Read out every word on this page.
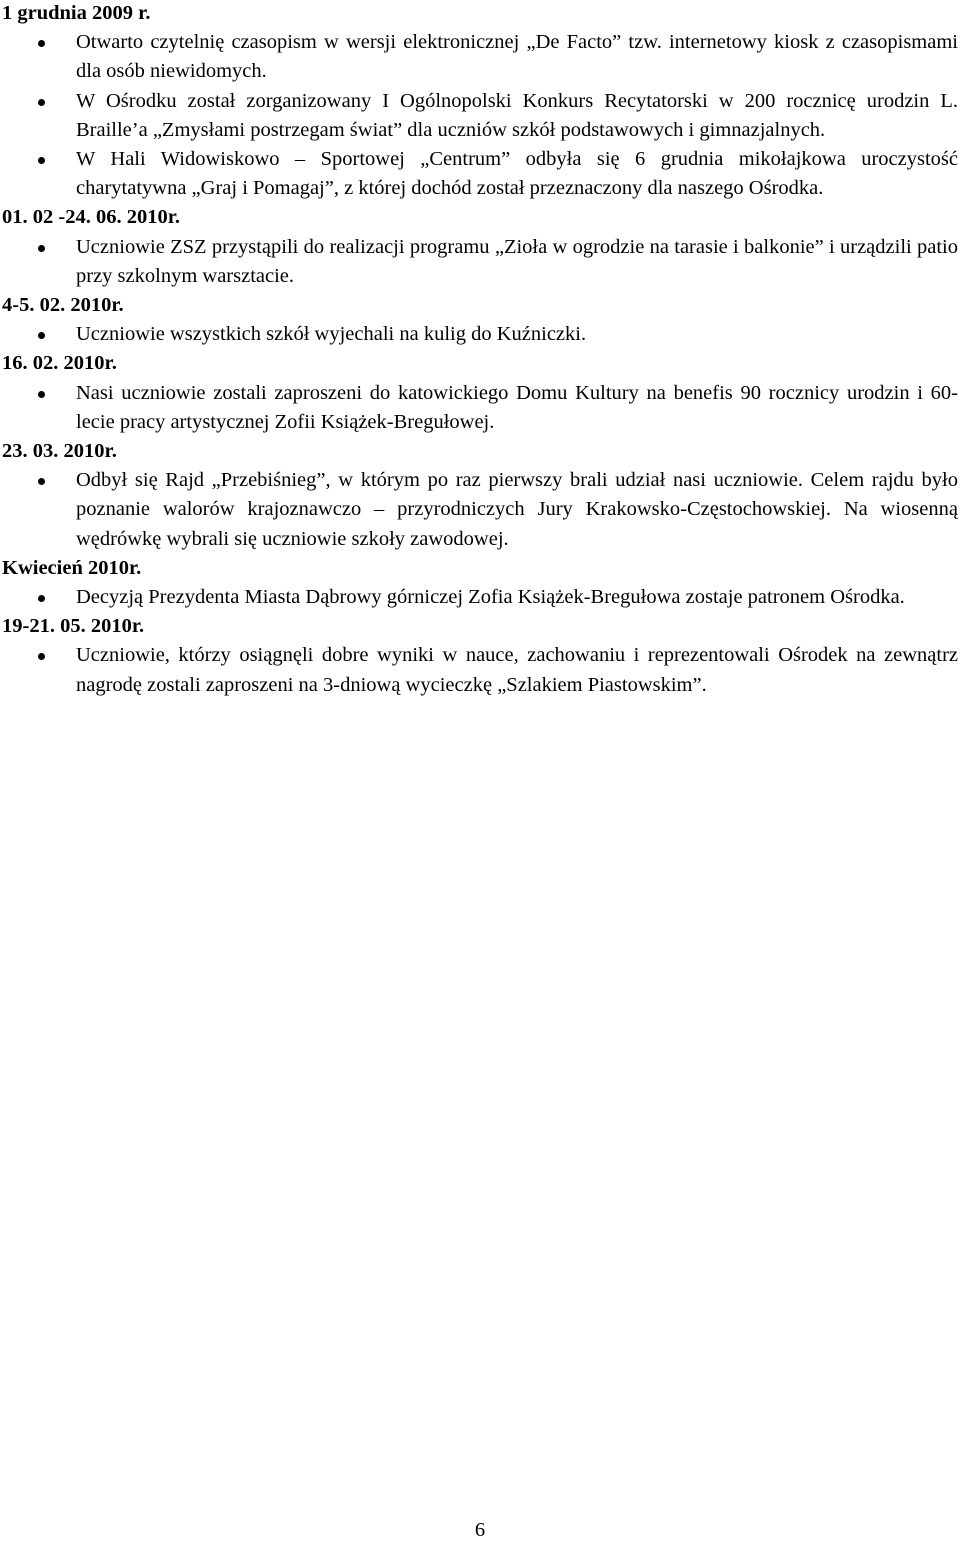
1 grudnia 2009 r.

Otwarto czytelnię czasopism w wersji elektronicznej „De Facto” tzw. internetowy kiosk z czasopismami dla osób niewidomych.
W Ośrodku został zorganizowany I Ogólnopolski Konkurs Recytatorski w 200 rocznicę urodzin L. Braille’a „Zmysłami postrzegam świat” dla uczniów szkół podstawowych i gimnazjalnych.
W Hali Widowiskowo – Sportowej „Centrum” odbyła się 6 grudnia mikołajkowa uroczystość charytatywna „Graj i Pomagaj”, z której dochód został przeznaczony dla naszego Ośrodka.

01. 02 -24. 06. 2010r.

Uczniowie ZSZ przystąpili do realizacji programu „Zioła w ogrodzie na tarasie i balkonie” i urządzili patio przy szkolnym warsztacie.

4-5. 02. 2010r.

Uczniowie wszystkich szkół wyjechali na kulig do Kuźniczki.

16. 02. 2010r.

Nasi uczniowie zostali zaproszeni do katowickiego Domu Kultury na benefis 90 rocznicy urodzin i 60-lecie pracy artystycznej Zofii Książek-Bregułowej.

23. 03. 2010r.

Odbył się Rajd „Przebiśnieg”, w którym po raz pierwszy brali udział nasi uczniowie. Celem rajdu było poznanie walorów krajoznawczo – przyrodniczych Jury Krakowsko-Częstochowskiej. Na wiosenną wędrówkę wybrali się uczniowie szkoły zawodowej.

Kwiecień 2010r.

Decyzją Prezydenta Miasta Dąbrowy górniczej Zofia Książek-Bregułowa zostaje patronem Ośrodka.

19-21. 05. 2010r.

Uczniowie, którzy osiągnęli dobre wyniki w nauce, zachowaniu i reprezentowali Ośrodek na zewnątrz nagrodę zostali zaproszeni na 3-dniową wycieczkę „Szlakiem Piastowskim”.
6
